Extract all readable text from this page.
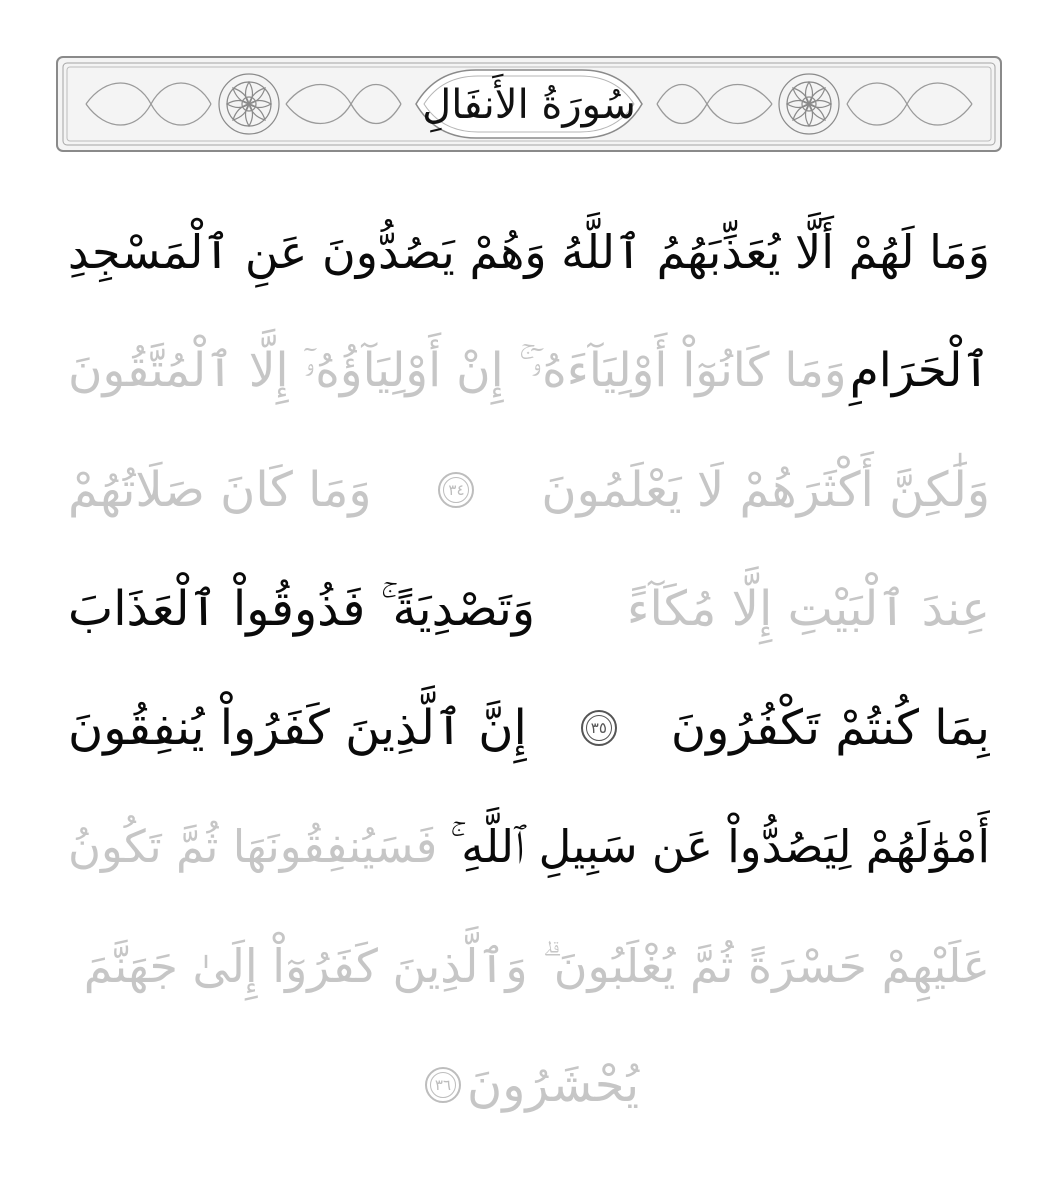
سُورَةُ الأَنفَالِ
وَمَا لَهُمْ أَلَّا يُعَذِّبَهُمُ ٱللَّهُ وَهُمْ يَصُدُّونَ عَنِ ٱلْمَسْجِدِ
ٱلْحَرَامِ
وَمَا كَانُوٓاْ أَوْلِيَآءَهُۥٓ ۚ إِنْ أَوْلِيَآؤُهُۥٓ إِلَّا ٱلْمُتَّقُونَ
وَلَٰكِنَّ أَكْثَرَهُمْ لَا يَعْلَمُونَ
٣٤
وَمَا كَانَ صَلَاتُهُمْ
عِندَ ٱلْبَيْتِ إِلَّا مُكَآءً
وَتَصْدِيَةً ۚ فَذُوقُواْ ٱلْعَذَابَ
بِمَا كُنتُمْ تَكْفُرُونَ
٣٥
إِنَّ ٱلَّذِينَ كَفَرُواْ يُنفِقُونَ
أَمْوَٰلَهُمْ لِيَصُدُّواْ عَن سَبِيلِ ٱللَّهِ ۚ
فَسَيُنفِقُونَهَا ثُمَّ تَكُونُ
عَلَيْهِمْ حَسْرَةً ثُمَّ يُغْلَبُونَ ۗ وَٱلَّذِينَ كَفَرُوٓاْ إِلَىٰ جَهَنَّمَ
يُحْشَرُونَ
٣٦
